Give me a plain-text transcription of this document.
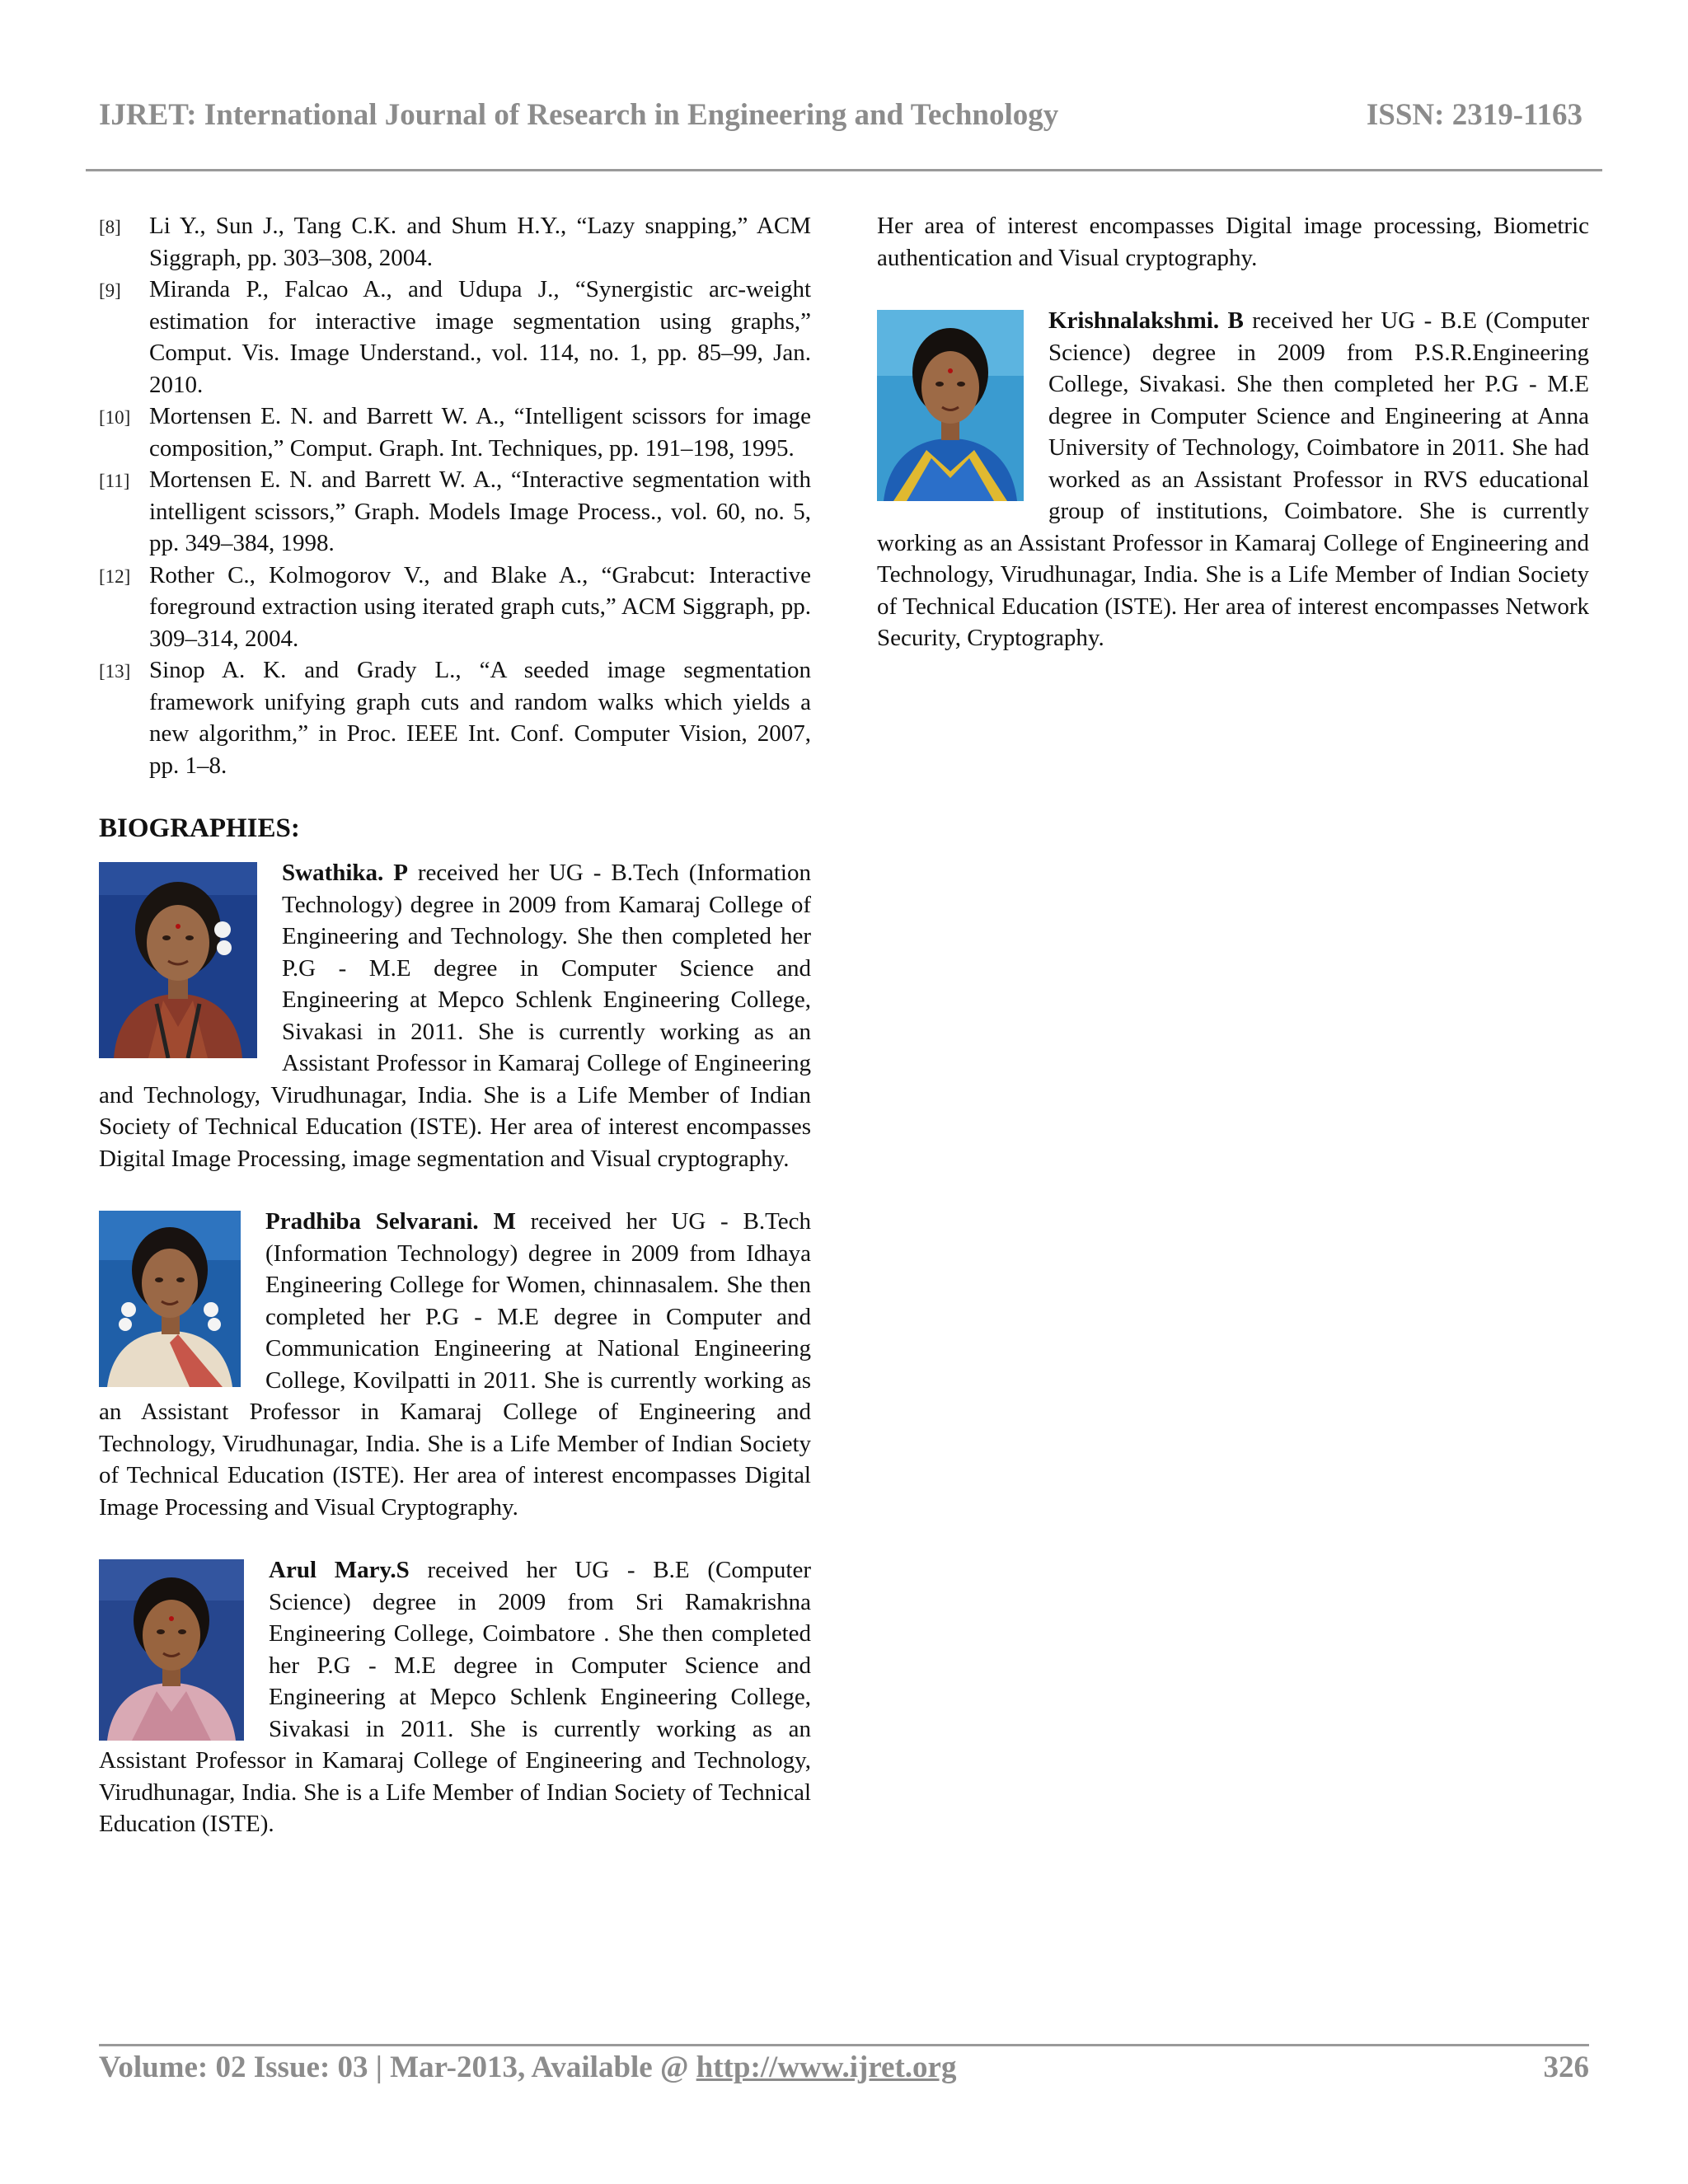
IJRET: International Journal of Research in Engineering and Technology	ISSN: 2319-1163
[8] Li Y., Sun J., Tang C.K. and Shum H.Y., “Lazy snapping,” ACM Siggraph, pp. 303–308, 2004.
[9] Miranda P., Falcao A., and Udupa J., “Synergistic arc-weight estimation for interactive image segmentation using graphs,” Comput. Vis. Image Understand., vol. 114, no. 1, pp. 85–99, Jan. 2010.
[10] Mortensen E. N. and Barrett W. A., “Intelligent scissors for image composition,” Comput. Graph. Int. Techniques, pp. 191–198, 1995.
[11] Mortensen E. N. and Barrett W. A., “Interactive segmentation with intelligent scissors,” Graph. Models Image Process., vol. 60, no. 5, pp. 349–384, 1998.
[12] Rother C., Kolmogorov V., and Blake A., “Grabcut: Interactive foreground extraction using iterated graph cuts,” ACM Siggraph, pp. 309–314, 2004.
[13] Sinop A. K. and Grady L., “A seeded image segmentation framework unifying graph cuts and random walks which yields a new algorithm,” in Proc. IEEE Int. Conf. Computer Vision, 2007, pp. 1–8.
BIOGRAPHIES:
Swathika. P received her UG - B.Tech (Information Technology) degree in 2009 from Kamaraj College of Engineering and Technology. She then completed her P.G - M.E degree in Computer Science and Engineering at Mepco Schlenk Engineering College, Sivakasi in 2011. She is currently working as an Assistant Professor in Kamaraj College of Engineering and Technology, Virudhunagar, India. She is a Life Member of Indian Society of Technical Education (ISTE). Her area of interest encompasses Digital Image Processing, image segmentation and Visual cryptography.
Pradhiba Selvarani. M received her UG - B.Tech (Information Technology) degree in 2009 from Idhaya Engineering College for Women, chinnasalem. She then completed her P.G - M.E degree in Computer and Communication Engineering at National Engineering College, Kovilpatti in 2011. She is currently working as an Assistant Professor in Kamaraj College of Engineering and Technology, Virudhunagar, India. She is a Life Member of Indian Society of Technical Education (ISTE). Her area of interest encompasses Digital Image Processing and Visual Cryptography.
Arul Mary.S received her UG - B.E (Computer Science) degree in 2009 from Sri Ramakrishna Engineering College, Coimbatore . She then completed her P.G - M.E degree in Computer Science and Engineering at Mepco Schlenk Engineering College, Sivakasi in 2011. She is currently working as an Assistant Professor in Kamaraj College of Engineering and Technology, Virudhunagar, India. She is a Life Member of Indian Society of Technical Education (ISTE).
Her area of interest encompasses Digital image processing, Biometric authentication and Visual cryptography.
Krishnalakshmi. B received her UG - B.E (Computer Science) degree in 2009 from P.S.R.Engineering College, Sivakasi. She then completed her P.G - M.E degree in Computer Science and Engineering at Anna University of Technology, Coimbatore in 2011. She had worked as an Assistant Professor in RVS educational group of institutions, Coimbatore. She is currently working as an Assistant Professor in Kamaraj College of Engineering and Technology, Virudhunagar, India. She is a Life Member of Indian Society of Technical Education (ISTE). Her area of interest encompasses Network Security, Cryptography.
Volume: 02 Issue: 03 | Mar-2013, Available @ http://www.ijret.org	326
